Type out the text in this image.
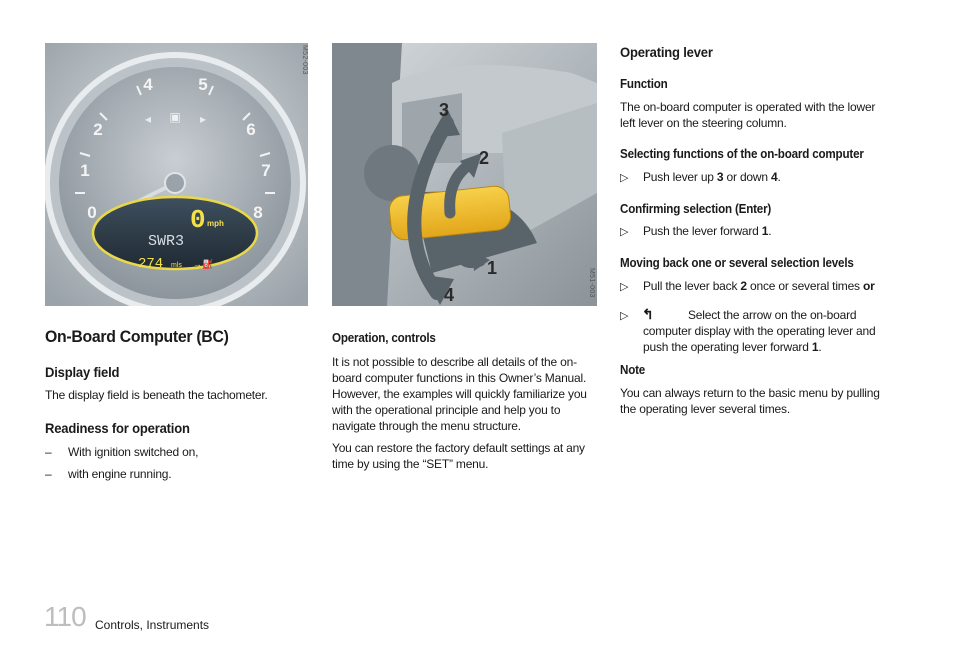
1
2
4	5
6
7
8
0
▣
◂	▸
0 mph
SWR3
274 mls →⛽
M52-003
1
2
3
4	M51-003
On-Board Computer (BC)
Display field
The display field is beneath the tachometer.
Readiness for operation
– With ignition switched on,
– with engine running.
Operation, controls
It is not possible to describe all details of the on-board computer functions in this Owner’s Manual. However, the examples will quickly familiarize you with the operational principle and help you to navigate through the menu structure.
You can restore the factory default settings at any time by using the “SET” menu.
Operating lever
Function
The on-board computer is operated with the lower left lever on the steering column.
Selecting functions of the on-board computer
▷ Push lever up 3 or down 4.
Confirming selection (Enter)
▷ Push the lever forward 1.
Moving back one or several selection levels
▷ Pull the lever back 2 once or several times or
▷ ↰	Select the arrow on the on-board computer display with the operating lever and push the operating lever forward 1.
Note
You can always return to the basic menu by pulling the operating lever several times.
110 Controls, Instruments
